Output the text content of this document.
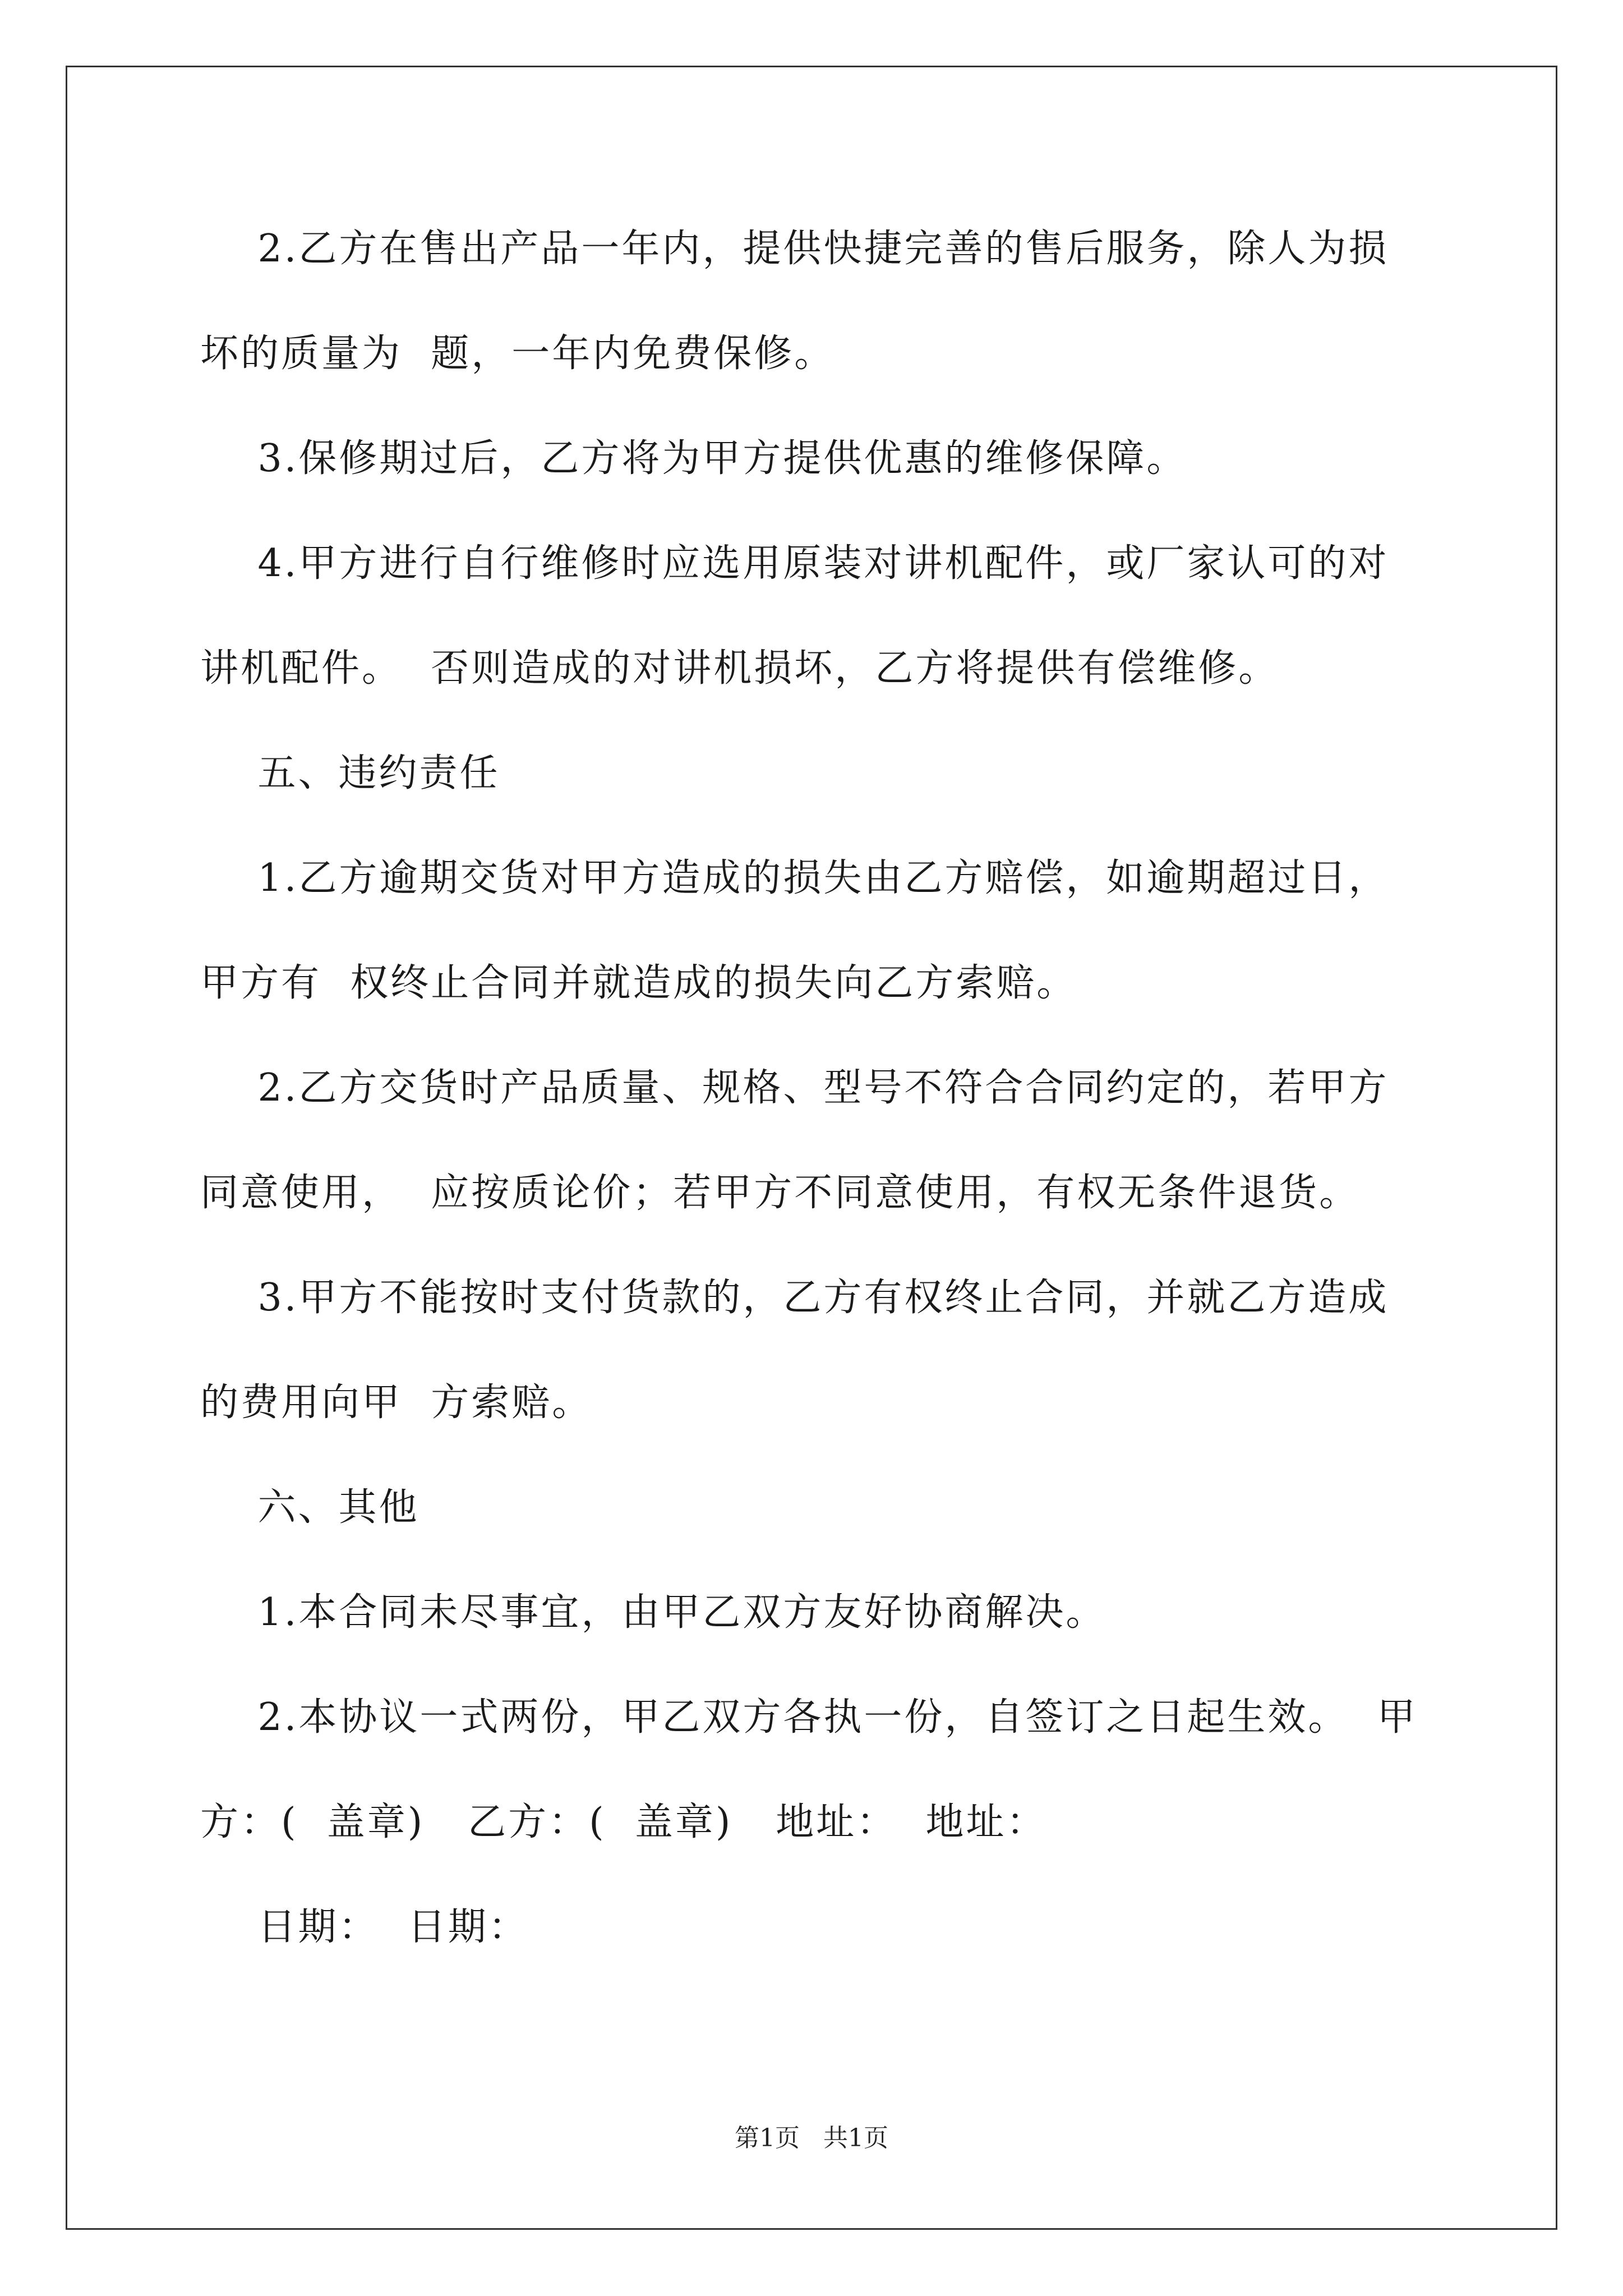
2.乙方在售出产品一年内，提供快捷完善的售后服务，除人为损
坏的质量为  题，一年内免费保修。
3.保修期过后，乙方将为甲方提供优惠的维修保障。
4.甲方进行自行维修时应选用原装对讲机配件，或厂家认可的对
讲机配件。  否则造成的对讲机损坏，乙方将提供有偿维修。
五、违约责任
1.乙方逾期交货对甲方造成的损失由乙方赔偿，如逾期超过日，
甲方有  权终止合同并就造成的损失向乙方索赔。
2.乙方交货时产品质量、规格、型号不符合合同约定的，若甲方
同意使用，  应按质论价；若甲方不同意使用，有权无条件退货。
3.甲方不能按时支付货款的，乙方有权终止合同，并就乙方造成
的费用向甲  方索赔。
六、其他
1.本合同未尽事宜，由甲乙双方友好协商解决。
2.本协议一式两份，甲乙双方各执一份，自签订之日起生效。  甲
方：(  盖章)   乙方：(  盖章)   地址：  地址：
日期：  日期：
第1页   共1页
